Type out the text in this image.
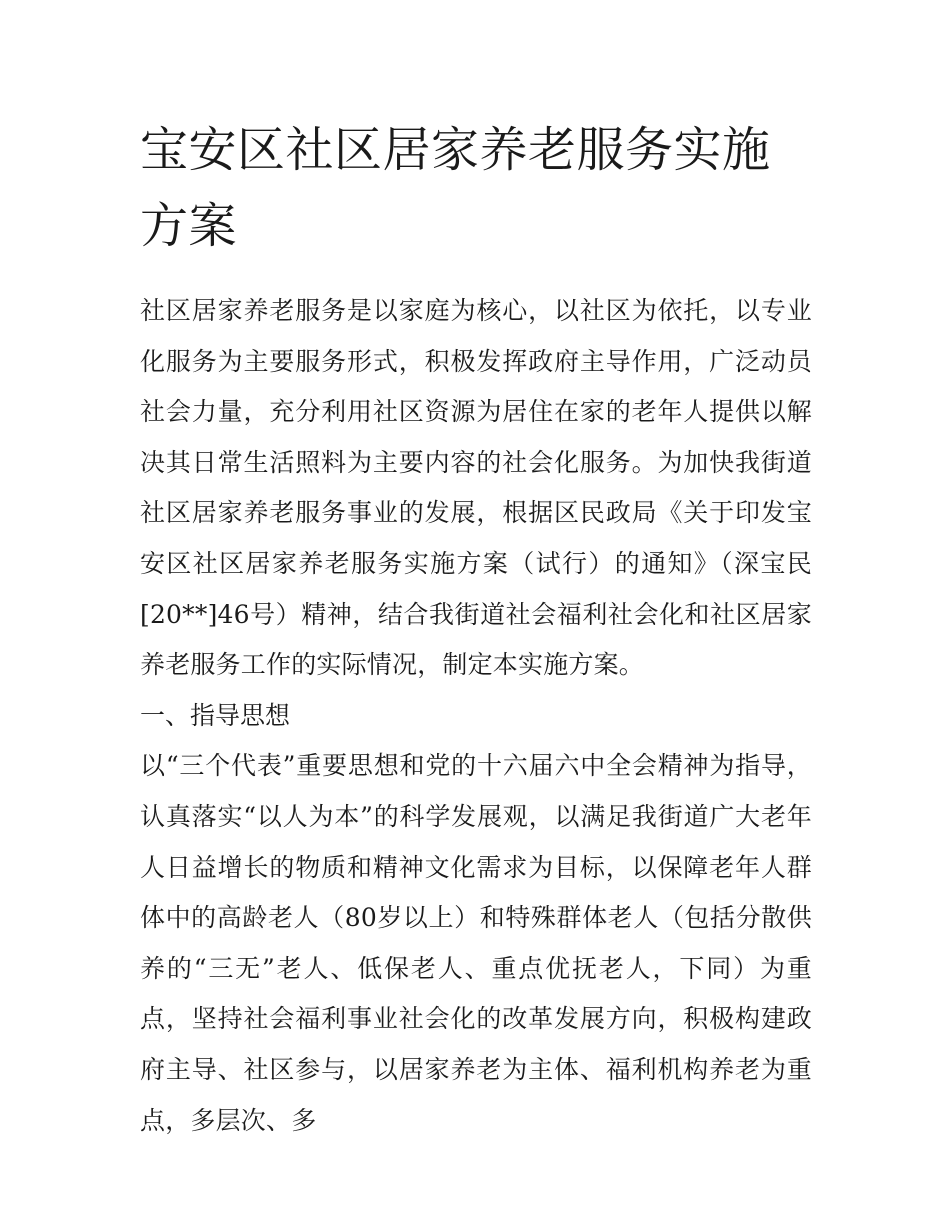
宝安区社区居家养老服务实施方案

社区居家养老服务是以家庭为核心，以社区为依托，以专业化服务为主要服务形式，积极发挥政府主导作用，广泛动员社会力量，充分利用社区资源为居住在家的老年人提供以解决其日常生活照料为主要内容的社会化服务。为加快我街道社区居家养老服务事业的发展，根据区民政局《关于印发宝安区社区居家养老服务实施方案（试行）的通知》（深宝民[20**]46号）精神，结合我街道社会福利社会化和社区居家养老服务工作的实际情况，制定本实施方案。

一、指导思想

以“三个代表”重要思想和党的十六届六中全会精神为指导，认真落实“以人为本”的科学发展观，以满足我街道广大老年人日益增长的物质和精神文化需求为目标，以保障老年人群体中的高龄老人（80岁以上）和特殊群体老人（包括分散供养的“三无”老人、低保老人、重点优抚老人，下同）为重点，坚持社会福利事业社会化的改革发展方向，积极构建政府主导、社区参与，以居家养老为主体、福利机构养老为重点，多层次、多
